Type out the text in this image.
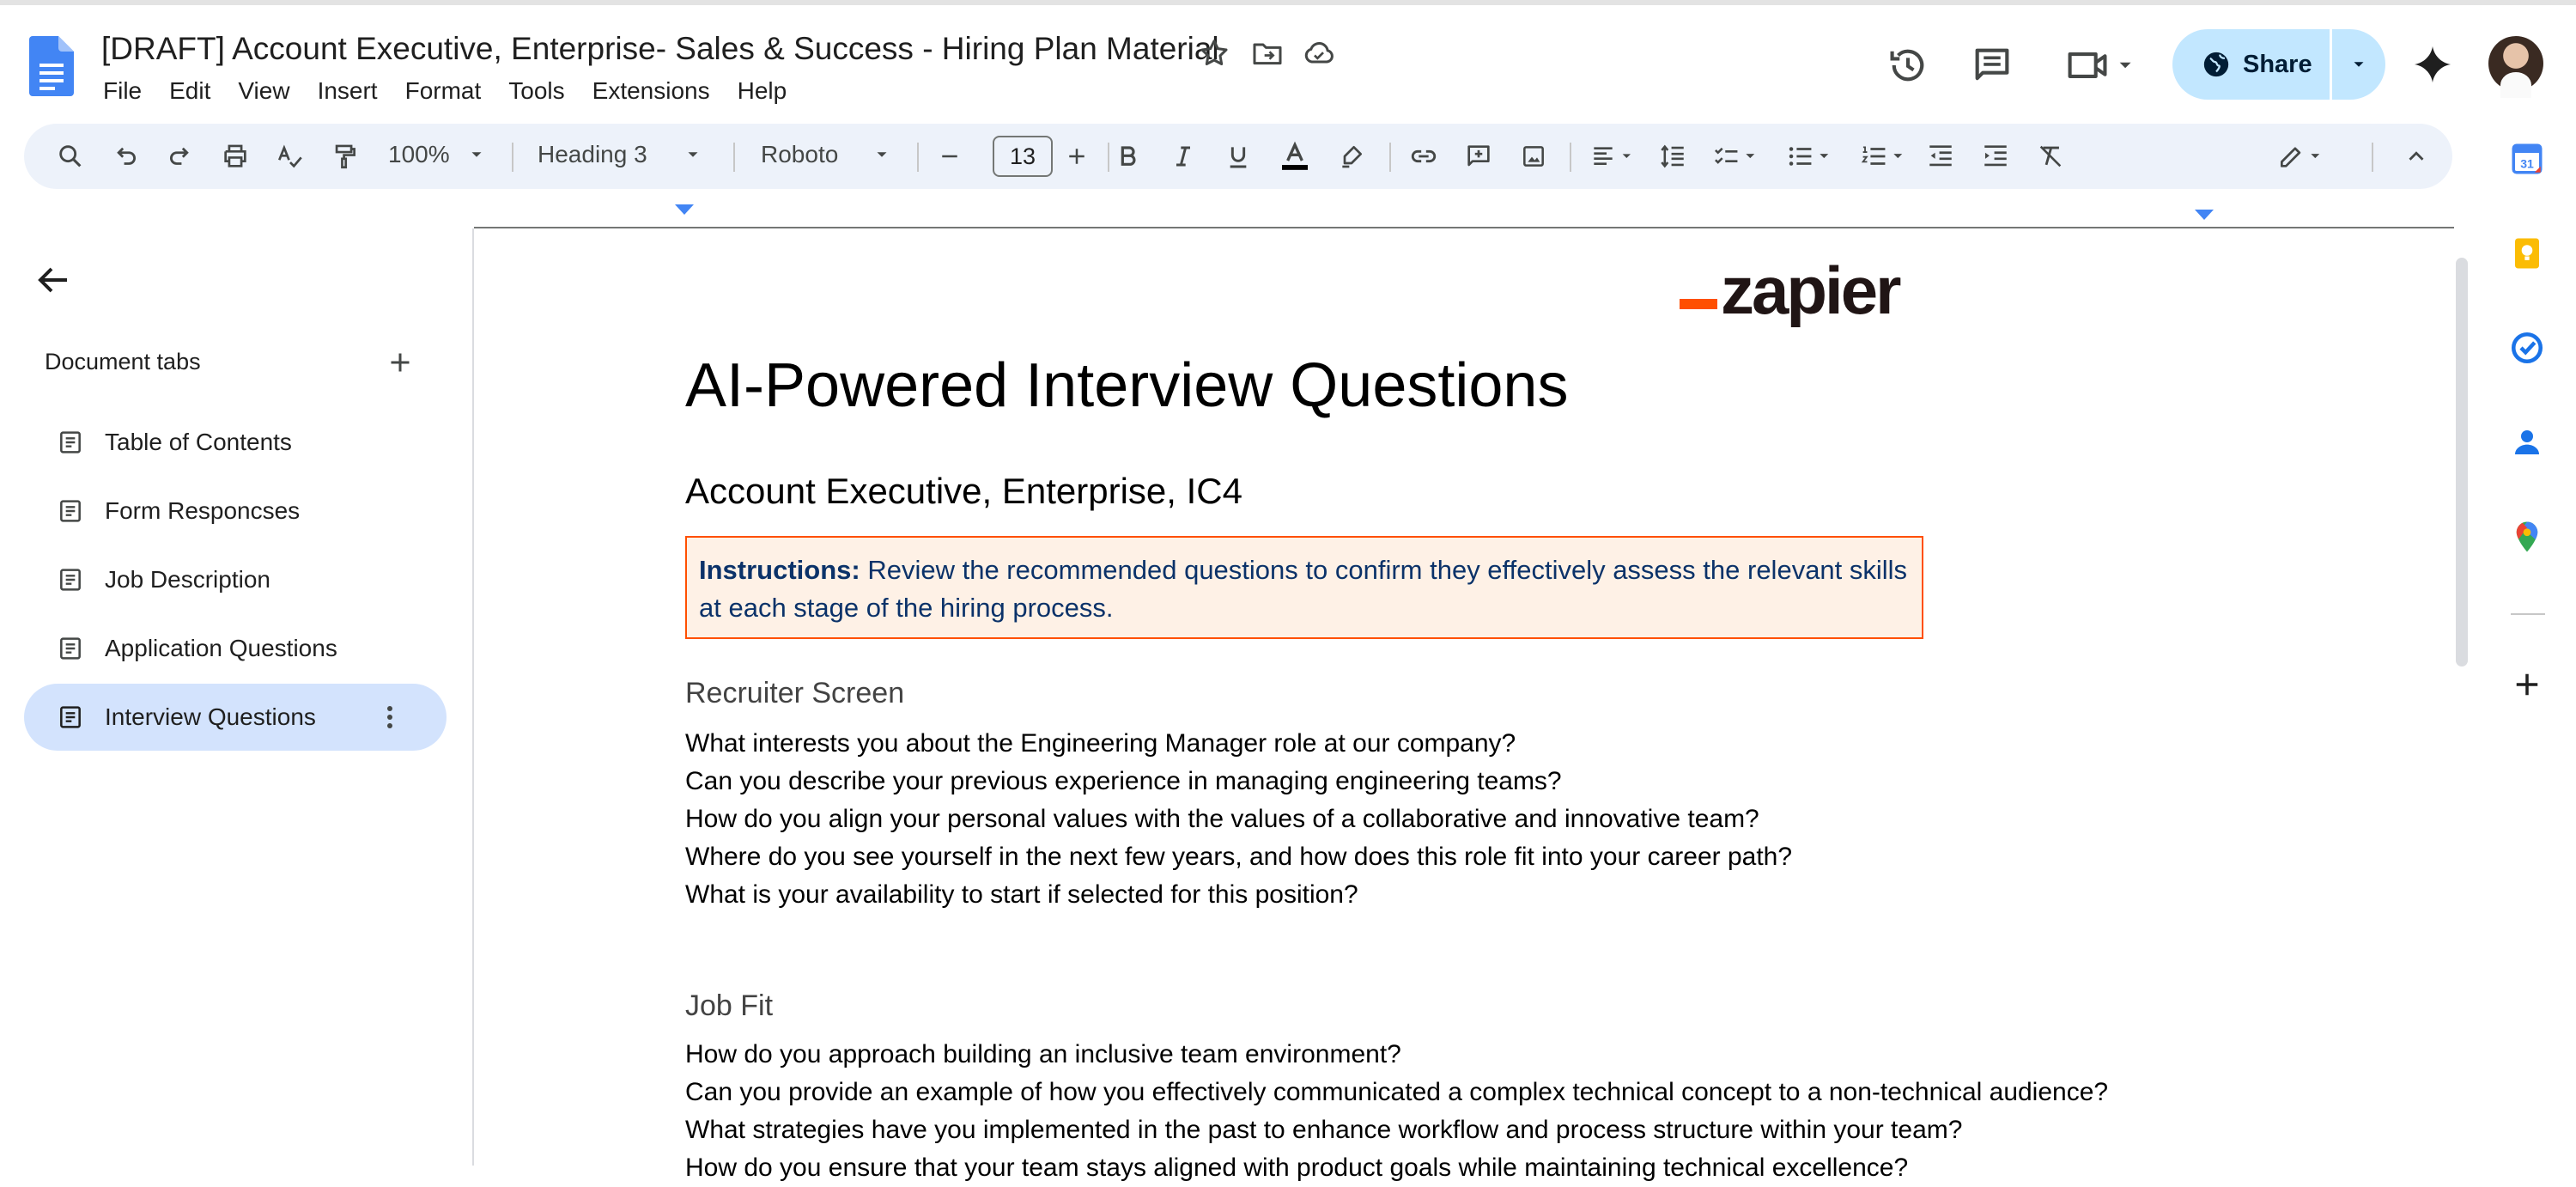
[DRAFT] Account Executive, Enterprise- Sales & Success - Hiring Plan Material
File	Edit	View	Insert	Format	Tools	Extensions	Help
Share
100%	Heading 3	Roboto	13
Document tabs
Table of Contents
Form Responcses
Job Description
Application Questions
Interview Questions
zapier
AI-Powered Interview Questions
Account Executive, Enterprise, IC4
Instructions: Review the recommended questions to confirm they effectively assess the relevant skills at each stage of the hiring process.
Recruiter Screen
What interests you about the Engineering Manager role at our company?
Can you describe your previous experience in managing engineering teams?
How do you align your personal values with the values of a collaborative and innovative team?
Where do you see yourself in the next few years, and how does this role fit into your career path?
What is your availability to start if selected for this position?
Job Fit
How do you approach building an inclusive team environment?
Can you provide an example of how you effectively communicated a complex technical concept to a non-technical audience?
What strategies have you implemented in the past to enhance workflow and process structure within your team?
How do you ensure that your team stays aligned with product goals while maintaining technical excellence?
31
